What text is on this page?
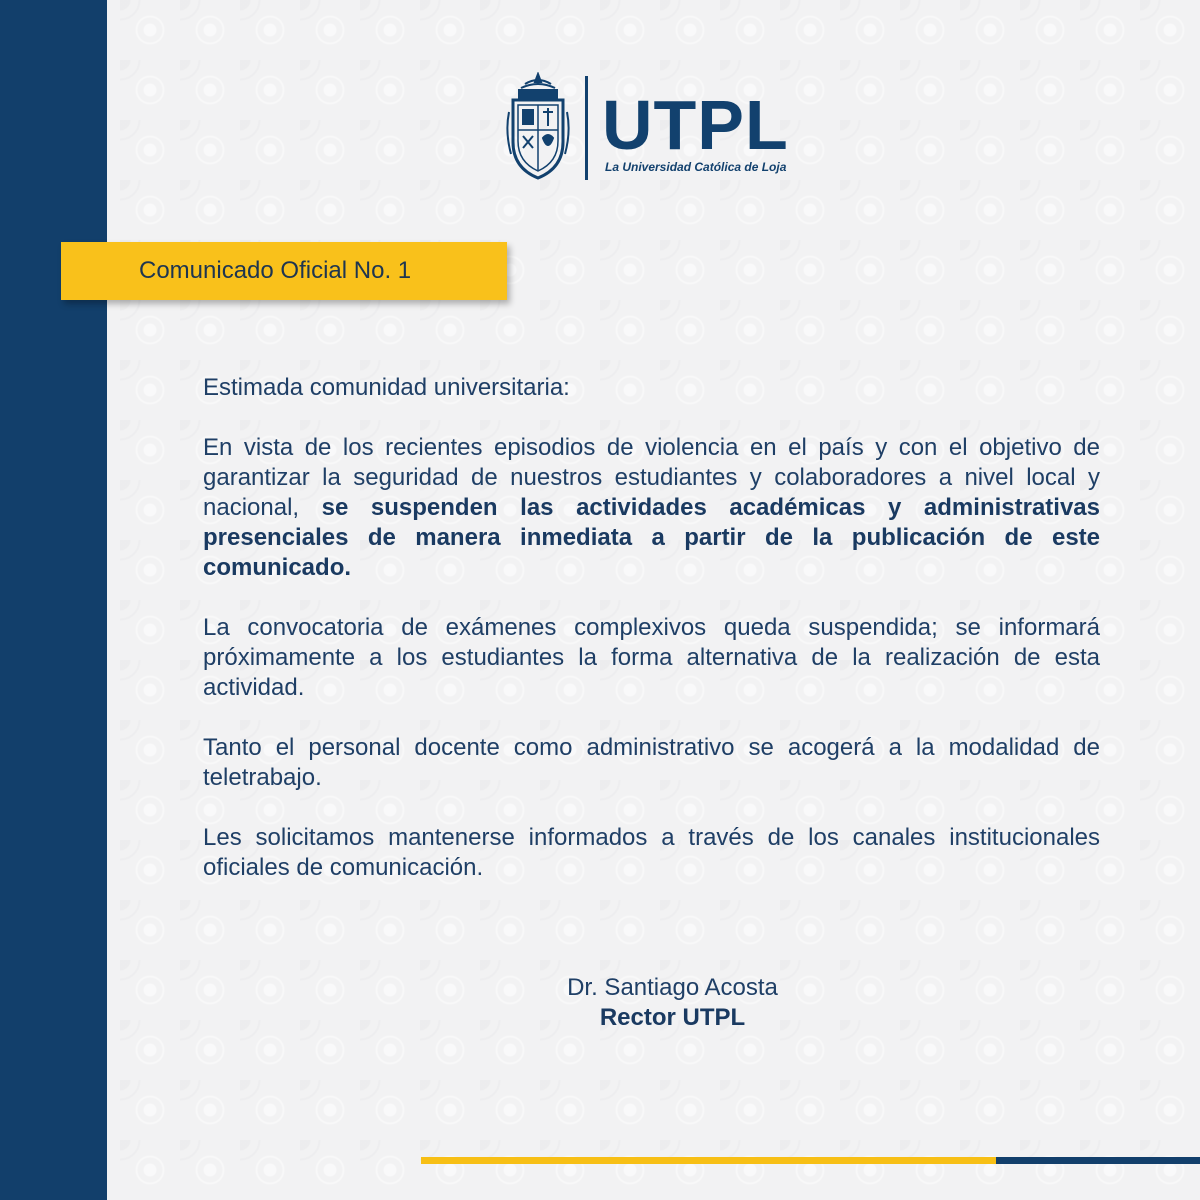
UTPL
La Universidad Católica de Loja
Comunicado Oficial No. 1

Estimada comunidad universitaria:

En vista de los recientes episodios de violencia en el país y con el objetivo de garantizar la seguridad de nuestros estudiantes y colaboradores a nivel local y nacional, se suspenden las actividades académicas y administrativas presenciales de manera inmediata a partir de la publicación de este comunicado.

La convocatoria de exámenes complexivos queda suspendida; se informará próximamente a los estudiantes la forma alternativa de la realización de esta actividad.

Tanto el personal docente como administrativo se acogerá a la modalidad de teletrabajo.

Les solicitamos mantenerse informados a través de los canales institucionales oficiales de comunicación.

Dr. Santiago Acosta
Rector UTPL
